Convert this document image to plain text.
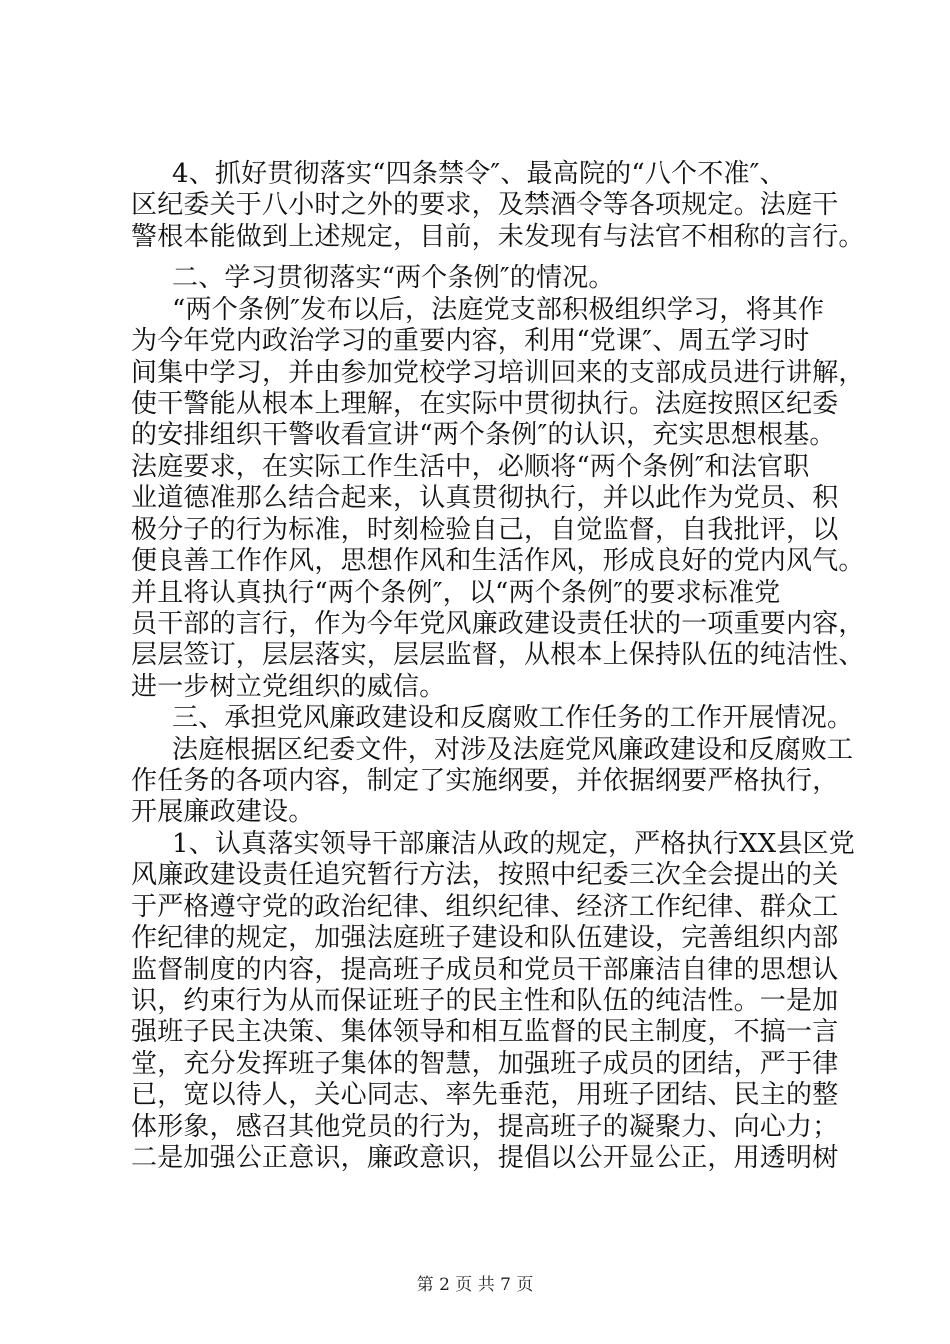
4、抓好贯彻落实“四条禁令″、最高院的“八个不准″、
区纪委关于八小时之外的要求，及禁酒令等各项规定。法庭干
警根本能做到上述规定，目前，未发现有与法官不相称的言行。
二、学习贯彻落实“两个条例″的情况。
“两个条例″发布以后，法庭党支部积极组织学习，将其作
为今年党内政治学习的重要内容，利用“党课″、周五学习时
间集中学习，并由参加党校学习培训回来的支部成员进行讲解，
使干警能从根本上理解，在实际中贯彻执行。法庭按照区纪委
的安排组织干警收看宣讲“两个条例″的认识，充实思想根基。
法庭要求，在实际工作生活中，必顺将“两个条例″和法官职
业道德准那么结合起来，认真贯彻执行，并以此作为党员、积
极分子的行为标准，时刻检验自己，自觉监督，自我批评，以
便良善工作作风，思想作风和生活作风，形成良好的党内风气。
并且将认真执行“两个条例″，以“两个条例″的要求标准党
员干部的言行，作为今年党风廉政建设责任状的一项重要内容，
层层签订，层层落实，层层监督，从根本上保持队伍的纯洁性、
进一步树立党组织的威信。
三、承担党风廉政建设和反腐败工作任务的工作开展情况。
法庭根据区纪委文件，对涉及法庭党风廉政建设和反腐败工
作任务的各项内容，制定了实施纲要，并依据纲要严格执行，
开展廉政建设。
1、认真落实领导干部廉洁从政的规定，严格执行XX县区党
风廉政建设责任追究暂行方法，按照中纪委三次全会提出的关
于严格遵守党的政治纪律、组织纪律、经济工作纪律、群众工
作纪律的规定，加强法庭班子建设和队伍建设，完善组织内部
监督制度的内容，提高班子成员和党员干部廉洁自律的思想认
识，约束行为从而保证班子的民主性和队伍的纯洁性。一是加
强班子民主决策、集体领导和相互监督的民主制度，不搞一言
堂，充分发挥班子集体的智慧，加强班子成员的团结，严于律
已，宽以待人，关心同志、率先垂范，用班子团结、民主的整
体形象，感召其他党员的行为，提高班子的凝聚力、向心力；
二是加强公正意识，廉政意识，提倡以公开显公正，用透明树
第 2 页 共 7 页
